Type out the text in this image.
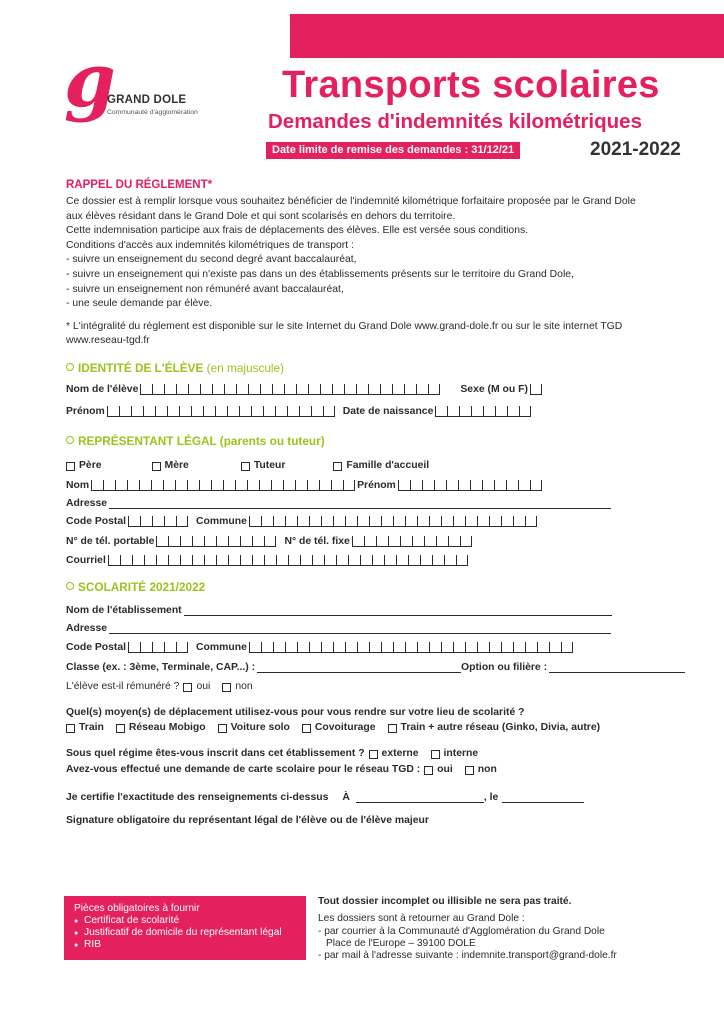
g
GRAND DOLE
Communauté d'agglomération
Transports scolaires
Demandes d'indemnités kilométriques
Date limite de remise des demandes : 31/12/21	2021-2022
RAPPEL DU RÉGLEMENT*
Ce dossier est à remplir lorsque vous souhaitez bénéficier de l'indemnité kilométrique forfaitaire proposée par le Grand Dole
aux élèves résidant dans le Grand Dole et qui sont scolarisés en dehors du territoire.
Cette indemnisation participe aux frais de déplacements des élèves. Elle est versée sous conditions.
Conditions d'accès aux indemnités kilométriques de transport :
- suivre un enseignement du second degré avant baccalauréat,
- suivre un enseignement qui n'existe pas dans un des établissements présents sur le territoire du Grand Dole,
- suivre un enseignement non rémunéré avant baccalauréat,
- une seule demande par élève.
* L'intégralité du règlement est disponible sur le site Internet du Grand Dole www.grand-dole.fr ou sur le site internet TGD
www.reseau-tgd.fr
IDENTITÉ DE L'ÉLÈVE (en majuscule)
Nom de l'élève	Sexe (M ou F)
Prénom	Date de naissance
REPRÉSENTANT LÉGAL (parents ou tuteur)
Père	Mère	Tuteur	Famille d'accueil
Nom	Prénom
Adresse
Code Postal	Commune
N° de tél. portable	N° de tél. fixe
Courriel
SCOLARITÉ 2021/2022
Nom de l'établissement
Adresse
Code Postal	Commune
Classe (ex. : 3ème, Terminale, CAP...) :	Option ou filière :
L'élève est-il rémunéré ? oui non
Quel(s) moyen(s) de déplacement utilisez-vous pour vous rendre sur votre lieu de scolarité ?
Train Réseau Mobigo Voiture solo Covoiturage Train + autre réseau (Ginko, Divia, autre)
Sous quel régime êtes-vous inscrit dans cet établissement ? externe interne
Avez-vous effectué une demande de carte scolaire pour le réseau TGD : oui non
Je certifie l'exactitude des renseignements ci-dessus À	, le
Signature obligatoire du représentant légal de l'élève ou de l'élève majeur
Pièces obligatoires à fournir
● Certificat de scolarité
● Justificatif de domicile du représentant légal
● RIB
Tout dossier incomplet ou illisible ne sera pas traité.
Les dossiers sont à retourner au Grand Dole :
- par courrier à la Communauté d'Agglomération du Grand Dole
Place de l'Europe – 39100 DOLE
- par mail à l'adresse suivante : indemnite.transport@grand-dole.fr
